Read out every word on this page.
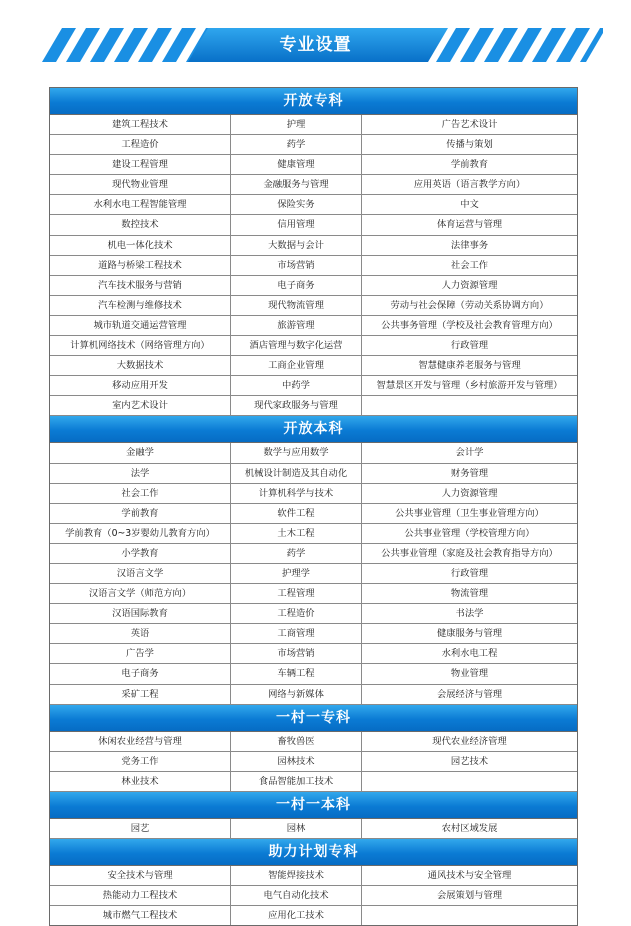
专业设置
开放专科
建筑工程技术	护理	广告艺术设计
工程造价	药学	传播与策划
建设工程管理	健康管理	学前教育
现代物业管理	金融服务与管理	应用英语（语言教学方向）
水利水电工程智能管理	保险实务	中文
数控技术	信用管理	体育运营与管理
机电一体化技术	大数据与会计	法律事务
道路与桥梁工程技术	市场营销	社会工作
汽车技术服务与营销	电子商务	人力资源管理
汽车检测与维修技术	现代物流管理	劳动与社会保障（劳动关系协调方向）
城市轨道交通运营管理	旅游管理	公共事务管理（学校及社会教育管理方向）
计算机网络技术（网络管理方向）	酒店管理与数字化运营	行政管理
大数据技术	工商企业管理	智慧健康养老服务与管理
移动应用开发	中药学	智慧景区开发与管理（乡村旅游开发与管理）
室内艺术设计	现代家政服务与管理
开放本科
金融学	数学与应用数学	会计学
法学	机械设计制造及其自动化	财务管理
社会工作	计算机科学与技术	人力资源管理
学前教育	软件工程	公共事业管理（卫生事业管理方向）
学前教育（0~3岁婴幼儿教育方向）	土木工程	公共事业管理（学校管理方向）
小学教育	药学	公共事业管理（家庭及社会教育指导方向）
汉语言文学	护理学	行政管理
汉语言文学（师范方向）	工程管理	物流管理
汉语国际教育	工程造价	书法学
英语	工商管理	健康服务与管理
广告学	市场营销	水利水电工程
电子商务	车辆工程	物业管理
采矿工程	网络与新媒体	会展经济与管理
一村一专科
休闲农业经营与管理	畜牧兽医	现代农业经济管理
党务工作	园林技术	园艺技术
林业技术	食品智能加工技术
一村一本科
园艺	园林	农村区域发展
助力计划专科
安全技术与管理	智能焊接技术	通风技术与安全管理
热能动力工程技术	电气自动化技术	会展策划与管理
城市燃气工程技术	应用化工技术
